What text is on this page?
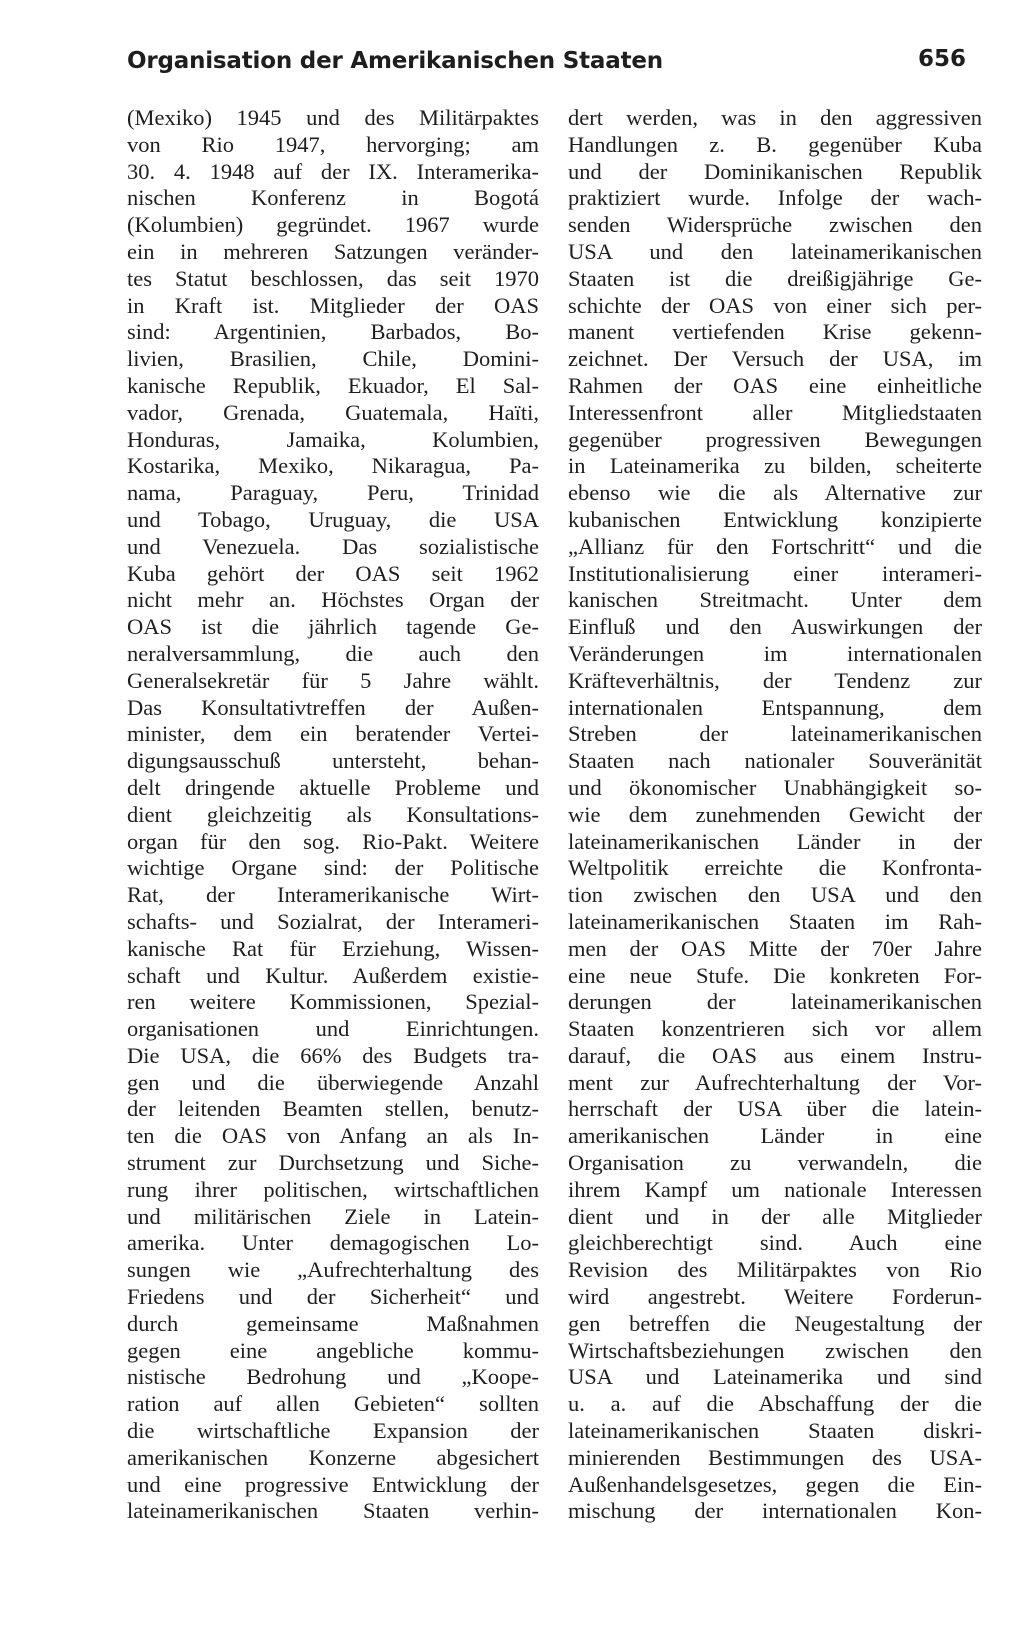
Organisation der Amerikanischen Staaten	656
(Mexiko) 1945 und des Militärpaktes
von Rio 1947, hervorging; am
30. 4. 1948 auf der IX. Interamerika-
nischen Konferenz in Bogotá
(Kolumbien) gegründet. 1967 wurde
ein in mehreren Satzungen veränder-
tes Statut beschlossen, das seit 1970
in Kraft ist. Mitglieder der OAS
sind: Argentinien, Barbados, Bo-
livien, Brasilien, Chile, Domini-
kanische Republik, Ekuador, El Sal-
vador, Grenada, Guatemala, Haïti,
Honduras, Jamaika, Kolumbien,
Kostarika, Mexiko, Nikaragua, Pa-
nama, Paraguay, Peru, Trinidad
und Tobago, Uruguay, die USA
und Venezuela. Das sozialistische
Kuba gehört der OAS seit 1962
nicht mehr an. Höchstes Organ der
OAS ist die jährlich tagende Ge-
neralversammlung, die auch den
Generalsekretär für 5 Jahre wählt.
Das Konsultativtreffen der Außen-
minister, dem ein beratender Vertei-
digungsausschuß untersteht, behan-
delt dringende aktuelle Probleme und
dient gleichzeitig als Konsultations-
organ für den sog. Rio-Pakt. Weitere
wichtige Organe sind: der Politische
Rat, der Interamerikanische Wirt-
schafts- und Sozialrat, der Interameri-
kanische Rat für Erziehung, Wissen-
schaft und Kultur. Außerdem existie-
ren weitere Kommissionen, Spezial-
organisationen und Einrichtungen.
Die USA, die 66% des Budgets tra-
gen und die überwiegende Anzahl
der leitenden Beamten stellen, benutz-
ten die OAS von Anfang an als In-
strument zur Durchsetzung und Siche-
rung ihrer politischen, wirtschaftlichen
und militärischen Ziele in Latein-
amerika. Unter demagogischen Lo-
sungen wie „Aufrechterhaltung des
Friedens und der Sicherheit“ und
durch gemeinsame Maßnahmen
gegen eine angebliche kommu-
nistische Bedrohung und „Koope-
ration auf allen Gebieten“ sollten
die wirtschaftliche Expansion der
amerikanischen Konzerne abgesichert
und eine progressive Entwicklung der
lateinamerikanischen Staaten verhin-
dert werden, was in den aggressiven
Handlungen z. B. gegenüber Kuba
und der Dominikanischen Republik
praktiziert wurde. Infolge der wach-
senden Widersprüche zwischen den
USA und den lateinamerikanischen
Staaten ist die dreißigjährige Ge-
schichte der OAS von einer sich per-
manent vertiefenden Krise gekenn-
zeichnet. Der Versuch der USA, im
Rahmen der OAS eine einheitliche
Interessenfront aller Mitgliedstaaten
gegenüber progressiven Bewegungen
in Lateinamerika zu bilden, scheiterte
ebenso wie die als Alternative zur
kubanischen Entwicklung konzipierte
„Allianz für den Fortschritt“ und die
Institutionalisierung einer interameri-
kanischen Streitmacht. Unter dem
Einfluß und den Auswirkungen der
Veränderungen im internationalen
Kräfteverhältnis, der Tendenz zur
internationalen Entspannung, dem
Streben der lateinamerikanischen
Staaten nach nationaler Souveränität
und ökonomischer Unabhängigkeit so-
wie dem zunehmenden Gewicht der
lateinamerikanischen Länder in der
Weltpolitik erreichte die Konfronta-
tion zwischen den USA und den
lateinamerikanischen Staaten im Rah-
men der OAS Mitte der 70er Jahre
eine neue Stufe. Die konkreten For-
derungen der lateinamerikanischen
Staaten konzentrieren sich vor allem
darauf, die OAS aus einem Instru-
ment zur Aufrechterhaltung der Vor-
herrschaft der USA über die latein-
amerikanischen Länder in eine
Organisation zu verwandeln, die
ihrem Kampf um nationale Interessen
dient und in der alle Mitglieder
gleichberechtigt sind. Auch eine
Revision des Militärpaktes von Rio
wird angestrebt. Weitere Forderun-
gen betreffen die Neugestaltung der
Wirtschaftsbeziehungen zwischen den
USA und Lateinamerika und sind
u. a. auf die Abschaffung der die
lateinamerikanischen Staaten diskri-
minierenden Bestimmungen des USA-
Außenhandelsgesetzes, gegen die Ein-
mischung der internationalen Kon-
